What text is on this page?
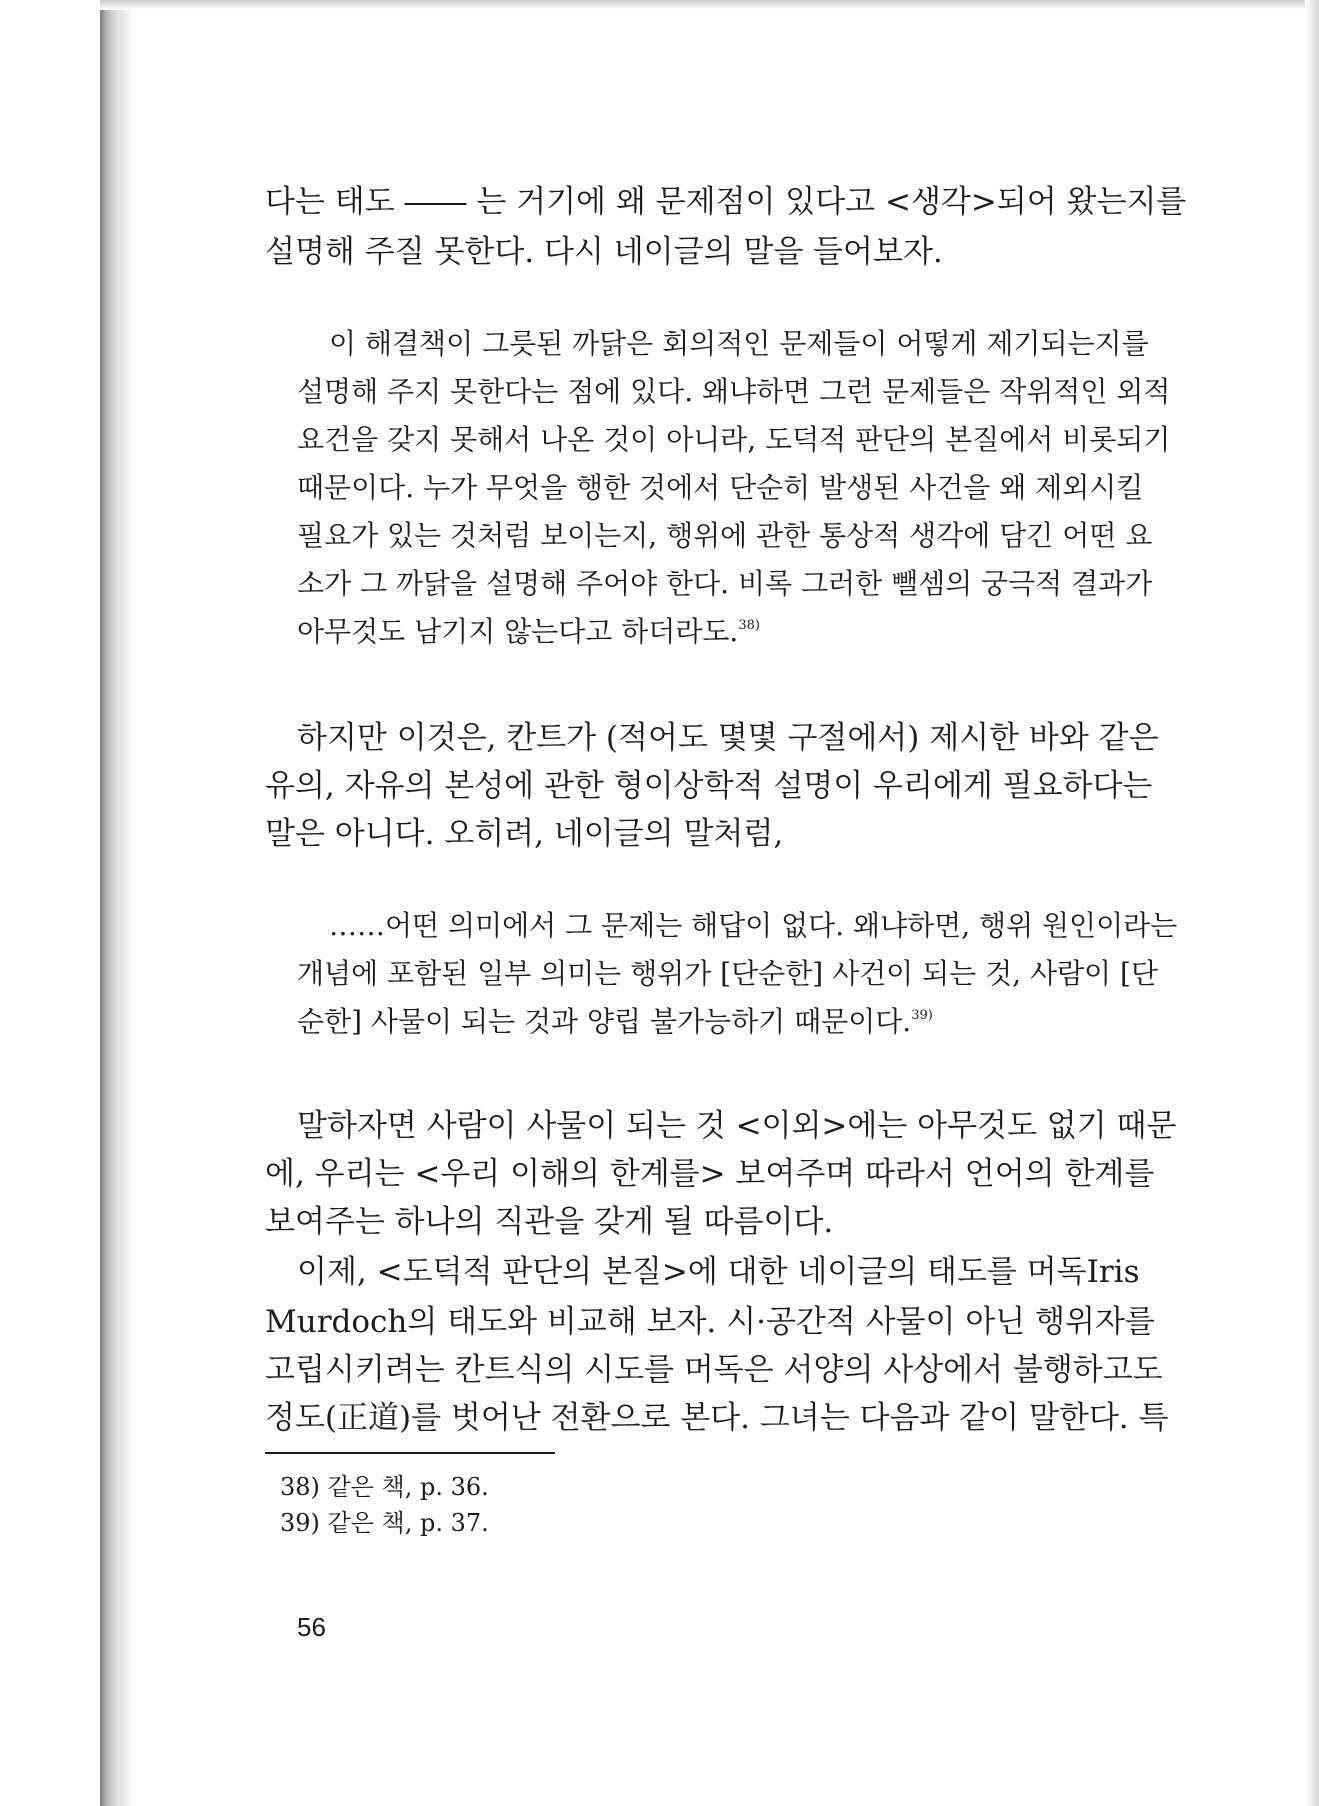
다는 태도 ―― 는 거기에 왜 문제점이 있다고 <생각>되어 왔는지를
설명해 주질 못한다. 다시 네이글의 말을 들어보자.
이 해결책이 그릇된 까닭은 회의적인 문제들이 어떻게 제기되는지를
설명해 주지 못한다는 점에 있다. 왜냐하면 그런 문제들은 작위적인 외적
요건을 갖지 못해서 나온 것이 아니라, 도덕적 판단의 본질에서 비롯되기
때문이다. 누가 무엇을 행한 것에서 단순히 발생된 사건을 왜 제외시킬
필요가 있는 것처럼 보이는지, 행위에 관한 통상적 생각에 담긴 어떤 요
소가 그 까닭을 설명해 주어야 한다. 비록 그러한 뺄셈의 궁극적 결과가
아무것도 남기지 않는다고 하더라도.$^{38)}$
하지만 이것은, 칸트가 (적어도 몇몇 구절에서) 제시한 바와 같은
유의, 자유의 본성에 관한 형이상학적 설명이 우리에게 필요하다는
말은 아니다. 오히려, 네이글의 말처럼,
……어떤 의미에서 그 문제는 해답이 없다. 왜냐하면, 행위 원인이라는
개념에 포함된 일부 의미는 행위가 [단순한] 사건이 되는 것, 사람이 [단
순한] 사물이 되는 것과 양립 불가능하기 때문이다.$^{39)}$
말하자면 사람이 사물이 되는 것 <이외>에는 아무것도 없기 때문
에, 우리는 <우리 이해의 한계를> 보여주며 따라서 언어의 한계를
보여주는 하나의 직관을 갖게 될 따름이다.
이제, <도덕적 판단의 본질>에 대한 네이글의 태도를 머독Iris
Murdoch의 태도와 비교해 보자. 시·공간적 사물이 아닌 행위자를
고립시키려는 칸트식의 시도를 머독은 서양의 사상에서 불행하고도
정도(正道)를 벗어난 전환으로 본다. 그녀는 다음과 같이 말한다. 특
38) 같은 책, p. 36.
39) 같은 책, p. 37.
56
